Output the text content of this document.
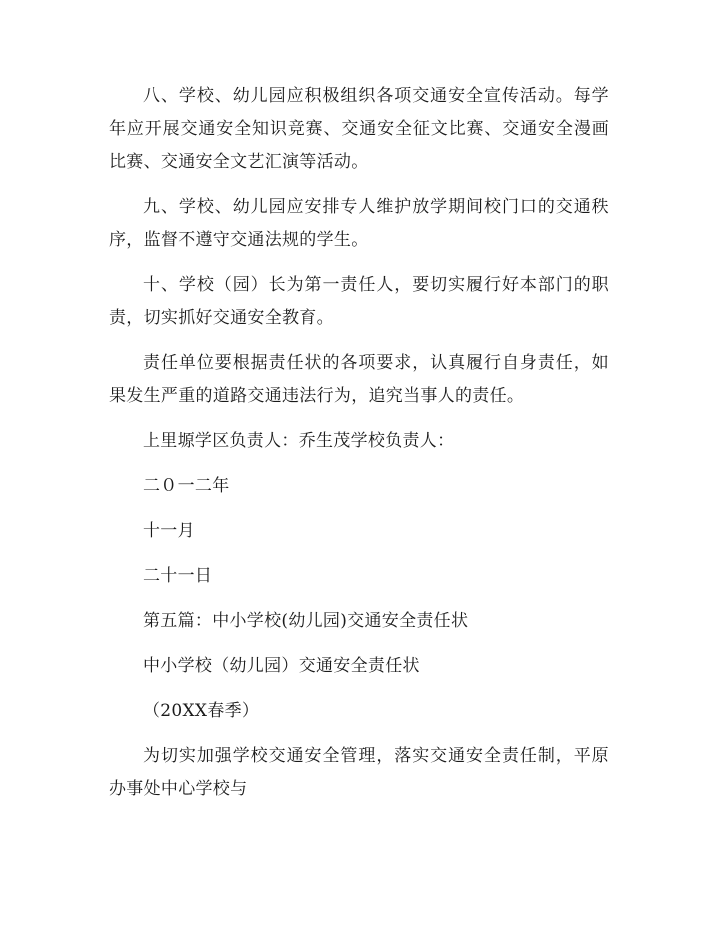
八、学校、幼儿园应积极组织各项交通安全宣传活动。每学年应开展交通安全知识竞赛、交通安全征文比赛、交通安全漫画比赛、交通安全文艺汇演等活动。

九、学校、幼儿园应安排专人维护放学期间校门口的交通秩序，监督不遵守交通法规的学生。

十、学校（园）长为第一责任人，要切实履行好本部门的职责，切实抓好交通安全教育。

责任单位要根据责任状的各项要求，认真履行自身责任，如果发生严重的道路交通违法行为，追究当事人的责任。

上里塬学区负责人：乔生茂学校负责人：

二０一二年

十一月

二十一日

第五篇：中小学校(幼儿园)交通安全责任状

中小学校（幼儿园）交通安全责任状

（20XX春季）

为切实加强学校交通安全管理，落实交通安全责任制，平原办事处中心学校与
